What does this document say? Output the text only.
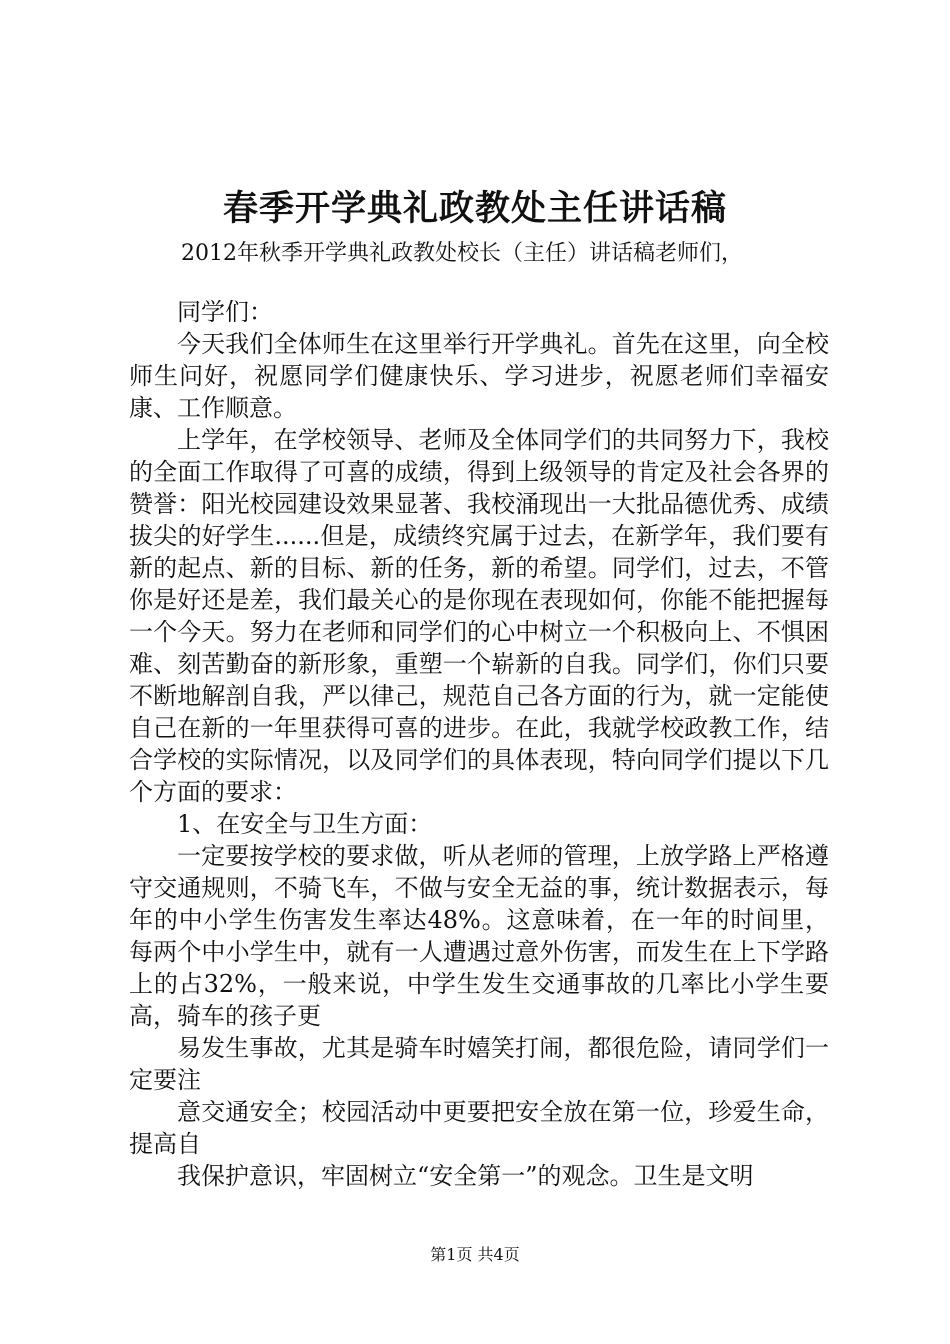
春季开学典礼政教处主任讲话稿
2012年秋季开学典礼政教处校长（主任）讲话稿老师们，

同学们：

今天我们全体师生在这里举行开学典礼。首先在这里，向全校师生问好，祝愿同学们健康快乐、学习进步，祝愿老师们幸福安康、工作顺意。

上学年，在学校领导、老师及全体同学们的共同努力下，我校的全面工作取得了可喜的成绩，得到上级领导的肯定及社会各界的赞誉：阳光校园建设效果显著、我校涌现出一大批品德优秀、成绩拔尖的好学生......但是，成绩终究属于过去，在新学年，我们要有新的起点、新的目标、新的任务，新的希望。同学们，过去，不管你是好还是差，我们最关心的是你现在表现如何，你能不能把握每一个今天。努力在老师和同学们的心中树立一个积极向上、不惧困难、刻苦勤奋的新形象，重塑一个崭新的自我。同学们，你们只要不断地解剖自我，严以律己，规范自己各方面的行为，就一定能使自己在新的一年里获得可喜的进步。在此，我就学校政教工作，结合学校的实际情况，以及同学们的具体表现，特向同学们提以下几个方面的要求：

1、在安全与卫生方面：

一定要按学校的要求做，听从老师的管理，上放学路上严格遵守交通规则，不骑飞车，不做与安全无益的事，统计数据表示，每年的中小学生伤害发生率达48%。这意味着，在一年的时间里，每两个中小学生中，就有一人遭遇过意外伤害，而发生在上下学路上的占32%，一般来说，中学生发生交通事故的几率比小学生要高，骑车的孩子更

易发生事故，尤其是骑车时嬉笑打闹，都很危险，请同学们一定要注

意交通安全；校园活动中更要把安全放在第一位，珍爱生命，提高自

我保护意识，牢固树立“安全第一”的观念。卫生是文明

第1页 共4页
